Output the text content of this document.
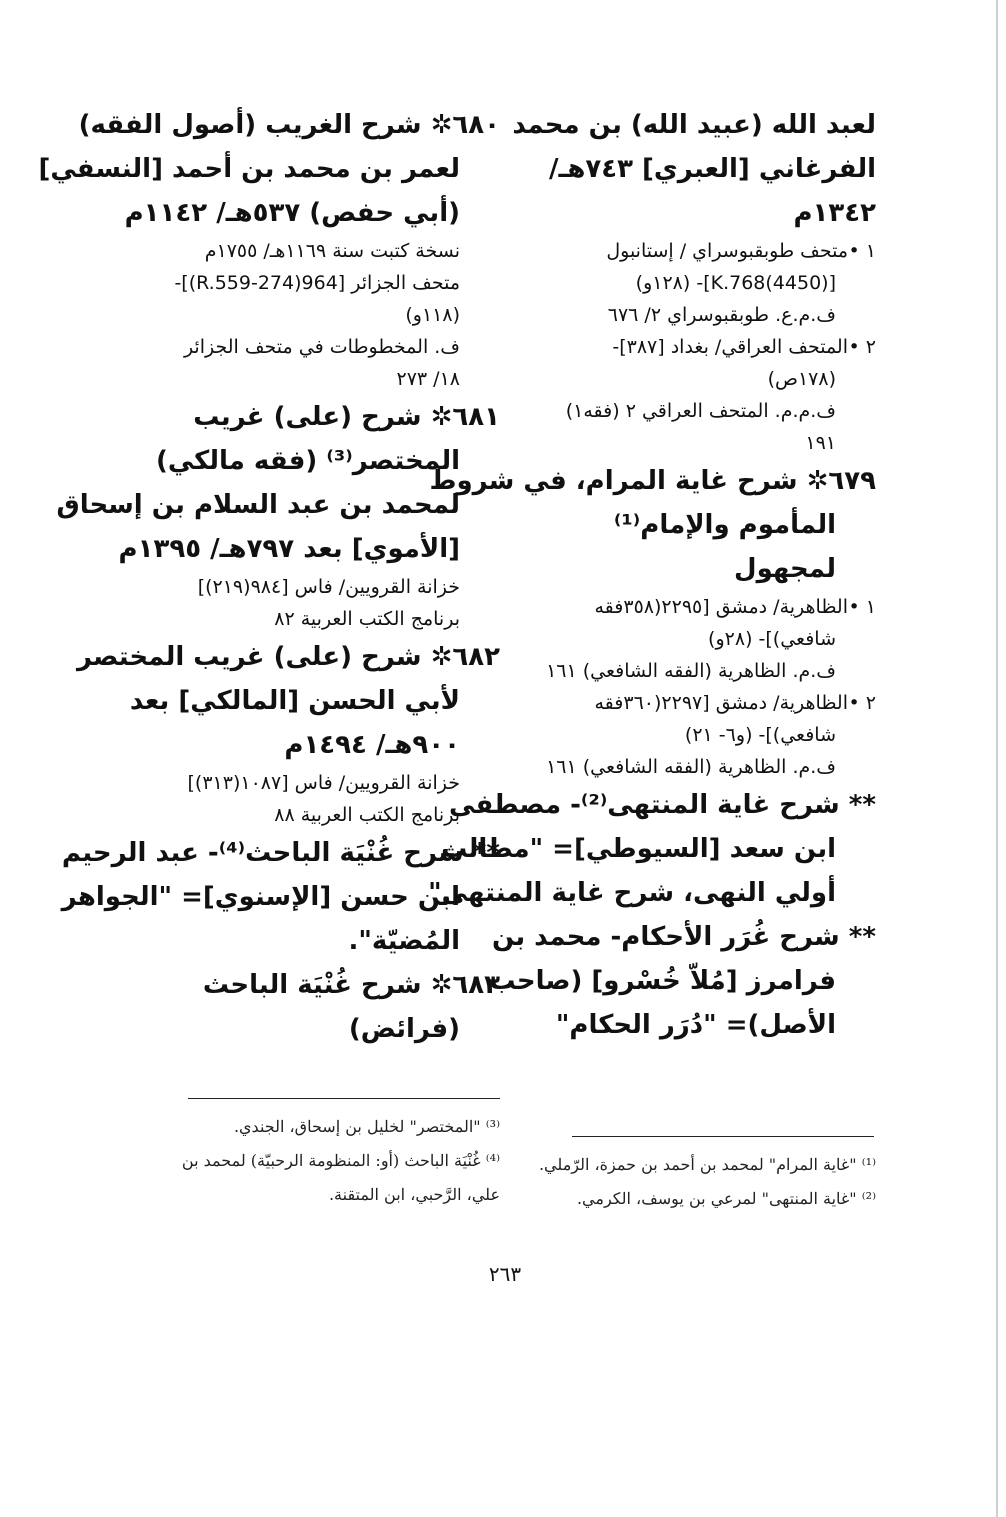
لعبد الله (عبيد الله) بن محمد
الفرغاني [العبري] ٧٤٣هـ/
١٣٤٢م
١ •متحف طوبقبوسراي / إستانبول
[K.768(4450)]- (١٢٨و)
ف.م.ع. طوبقبوسراي ٢/ ٦٧٦
٢ •المتحف العراقي/ بغداد [٣٨٧]-
(١٧٨ص)
ف.م.م. المتحف العراقي ٢ (فقه١)
١٩١
٦٧٩✲ شرح غاية المرام، في شروط
المأموم والإمام⁽¹⁾
لمجهول
١ •الظاهرية/ دمشق [٢٢٩٥(٣٥٨فقه
شافعي)]- (٢٨و)
ف.م. الظاهرية (الفقه الشافعي) ١٦١
٢ •الظاهرية/ دمشق [٢٢٩٧(٣٦٠فقه
شافعي)]- (و٦- ٢١)
ف.م. الظاهرية (الفقه الشافعي) ١٦١
** شرح غاية المنتهى⁽²⁾- مصطفى
ابن سعد [السيوطي]= "مطالب
أولي النهى، شرح غاية المنتهى"
** شرح غُرَر الأحكام- محمد بن
فرامرز [مُلاّ خُسْرو] (صاحب
الأصل)= "دُرَر الحكام"
٦٨٠✲ شرح الغريب (أصول الفقه)
لعمر بن محمد بن أحمد [النسفي]
(أبي حفص) ٥٣٧هـ/ ١١٤٢م
نسخة كتبت سنة ١١٦٩هـ/ ١٧٥٥م
متحف الجزائر [964(274-R.559)]-
(١١٨و)
ف. المخطوطات في متحف الجزائر
١٨/ ٢٧٣
٦٨١✲ شرح (على) غريب
المختصر⁽³⁾ (فقه مالكي)
لمحمد بن عبد السلام بن إسحاق
[الأموي] بعد ٧٩٧هـ/ ١٣٩٥م
خزانة القرويين/ فاس [٩٨٤(٢١٩)]
برنامج الكتب العربية ٨٢
٦٨٢✲ شرح (على) غريب المختصر
لأبي الحسن [المالكي] بعد
٩٠٠هـ/ ١٤٩٤م
خزانة القرويين/ فاس [١٠٨٧(٣١٣)]
برنامج الكتب العربية ٨٨
** شرح غُنْيَة الباحث⁽⁴⁾- عبد الرحيم
ابن حسن [الإسنوي]= "الجواهر
المُضيّة".
٦٨٣✲ شرح غُنْيَة الباحث
(فرائض)
⁽¹⁾ "غاية المرام" لمحمد بن أحمد بن حمزة، الرّملي.
⁽²⁾ "غاية المنتهى" لمرعي بن يوسف، الكرمي.
⁽³⁾ "المختصر" لخليل بن إسحاق، الجندي.
⁽⁴⁾ غُنْيَة الباحث (أو: المنظومة الرحبيّة) لمحمد بن
علي، الرَّحبي، ابن المتقنة.
٢٦٣
